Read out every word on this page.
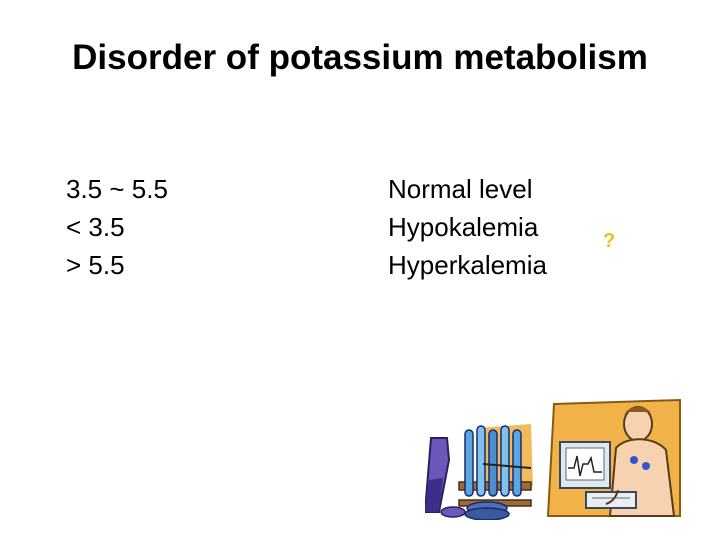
Disorder of potassium metabolism
3.5 ~ 5.5
< 3.5
> 5.5
Normal level
Hypokalemia
Hyperkalemia
?
